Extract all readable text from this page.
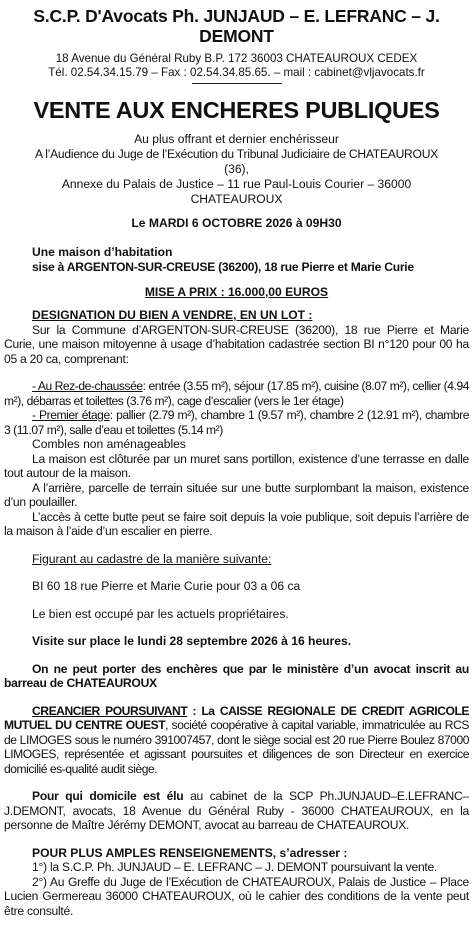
S.C.P. D'Avocats Ph. JUNJAUD – E. LEFRANC – J. DEMONT
18 Avenue du Général Ruby B.P. 172 36003 CHATEAUROUX CEDEX
Tél. 02.54.34.15.79 – Fax : 02.54.34.85.65. – mail : cabinet@vljavocats.fr
VENTE AUX ENCHERES PUBLIQUES
Au plus offrant et dernier enchérisseur
A l’Audience du Juge de l’Exécution du Tribunal Judiciaire de CHATEAUROUX
(36),
Annexe du Palais de Justice – 11 rue Paul-Louis Courier – 36000
CHATEAUROUX
Le MARDI 6 OCTOBRE 2026 à 09H30
Une maison d’habitation
sise à ARGENTON-SUR-CREUSE (36200), 18 rue Pierre et Marie Curie
MISE A PRIX : 16.000,00 EUROS
DESIGNATION DU BIEN A VENDRE, EN UN LOT :

Sur la Commune d’ARGENTON-SUR-CREUSE (36200), 18 rue Pierre et Marie Curie, une maison mitoyenne à usage d’habitation cadastrée section BI n°120 pour 00 ha 05 a 20 ca, comprenant:

- Au Rez-de-chaussée: entrée (3.55 m²), séjour (17.85 m²), cuisine (8.07 m²), cellier (4.94 m²), débarras et toilettes (3.76 m²), cage d’escalier (vers le 1er étage)

- Premier étage: pallier (2.79 m²), chambre 1 (9.57 m²), chambre 2 (12.91 m²), chambre 3 (11.07 m²), salle d’eau et toilettes (5.14 m²)

Combles non aménageables

La maison est clôturée par un muret sans portillon, existence d’une terrasse en dalle tout autour de la maison.

A l’arrière, parcelle de terrain située sur une butte surplombant la maison, existence d’un poulailler.

L’accès à cette butte peut se faire soit depuis la voie publique, soit depuis l’arrière de la maison à l’aide d’un escalier en pierre.

Figurant au cadastre de la manière suivante:

BI 60 18 rue Pierre et Marie Curie pour 03 a 06 ca

Le bien est occupé par les actuels propriétaires.

Visite sur place le lundi 28 septembre 2026 à 16 heures.

On ne peut porter des enchères que par le ministère d’un avocat inscrit au barreau de CHATEAUROUX

CREANCIER POURSUIVANT : La CAISSE REGIONALE DE CREDIT AGRICOLE MUTUEL DU CENTRE OUEST, société coopérative à capital variable, immatriculée au RCS de LIMOGES sous le numéro 391007457, dont le siège social est 20 rue Pierre Boulez 87000 LIMOGES, représentée et agissant poursuites et diligences de son Directeur en exercice domicilié es-qualité audit siège.

Pour qui domicile est élu au cabinet de la SCP Ph.JUNJAUD–E.LEFRANC–J.DEMONT, avocats, 18 Avenue du Général Ruby - 36000 CHATEAUROUX, en la personne de Maître Jérémy DEMONT, avocat au barreau de CHATEAUROUX.

POUR PLUS AMPLES RENSEIGNEMENTS, s’adresser :

1°) la S.C.P. Ph. JUNJAUD – E. LEFRANC – J. DEMONT poursuivant la vente.

2°) Au Greffe du Juge de l’Exécution de CHATEAUROUX, Palais de Justice – Place Lucien Germereau 36000 CHATEAUROUX, où le cahier des conditions de la vente peut être consulté.
